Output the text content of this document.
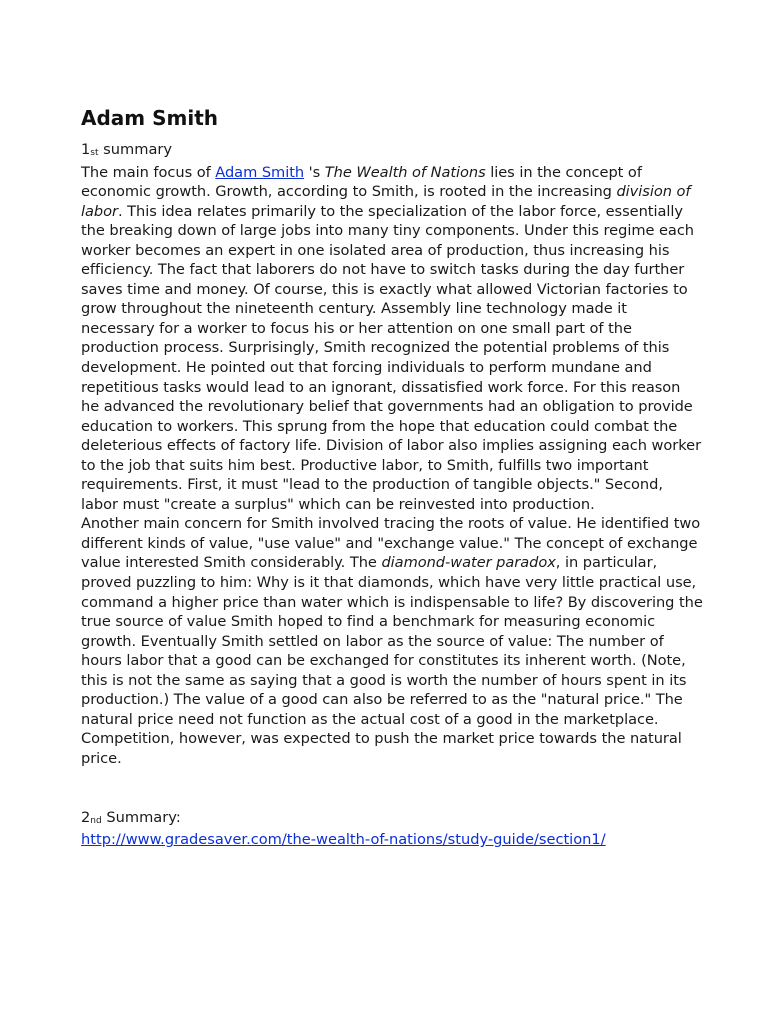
Adam Smith
1st summary

The main focus of Adam Smith 's The Wealth of Nations lies in the concept of economic growth. Growth, according to Smith, is rooted in the increasing division of labor. This idea relates primarily to the specialization of the labor force, essentially the breaking down of large jobs into many tiny components. Under this regime each worker becomes an expert in one isolated area of production, thus increasing his efficiency. The fact that laborers do not have to switch tasks during the day further saves time and money. Of course, this is exactly what allowed Victorian factories to grow throughout the nineteenth century. Assembly line technology made it necessary for a worker to focus his or her attention on one small part of the production process. Surprisingly, Smith recognized the potential problems of this development. He pointed out that forcing individuals to perform mundane and repetitious tasks would lead to an ignorant, dissatisfied work force. For this reason he advanced the revolutionary belief that governments had an obligation to provide education to workers. This sprung from the hope that education could combat the deleterious effects of factory life. Division of labor also implies assigning each worker to the job that suits him best. Productive labor, to Smith, fulfills two important requirements. First, it must "lead to the production of tangible objects." Second, labor must "create a surplus" which can be reinvested into production.

Another main concern for Smith involved tracing the roots of value. He identified two different kinds of value, "use value" and "exchange value." The concept of exchange value interested Smith considerably. The diamond-water paradox, in particular, proved puzzling to him: Why is it that diamonds, which have very little practical use, command a higher price than water which is indispensable to life? By discovering the true source of value Smith hoped to find a benchmark for measuring economic growth. Eventually Smith settled on labor as the source of value: The number of hours labor that a good can be exchanged for constitutes its inherent worth. (Note, this is not the same as saying that a good is worth the number of hours spent in its production.) The value of a good can also be referred to as the "natural price." The natural price need not function as the actual cost of a good in the marketplace. Competition, however, was expected to push the market price towards the natural price.

2nd Summary:
http://www.gradesaver.com/the-wealth-of-nations/study-guide/section1/
